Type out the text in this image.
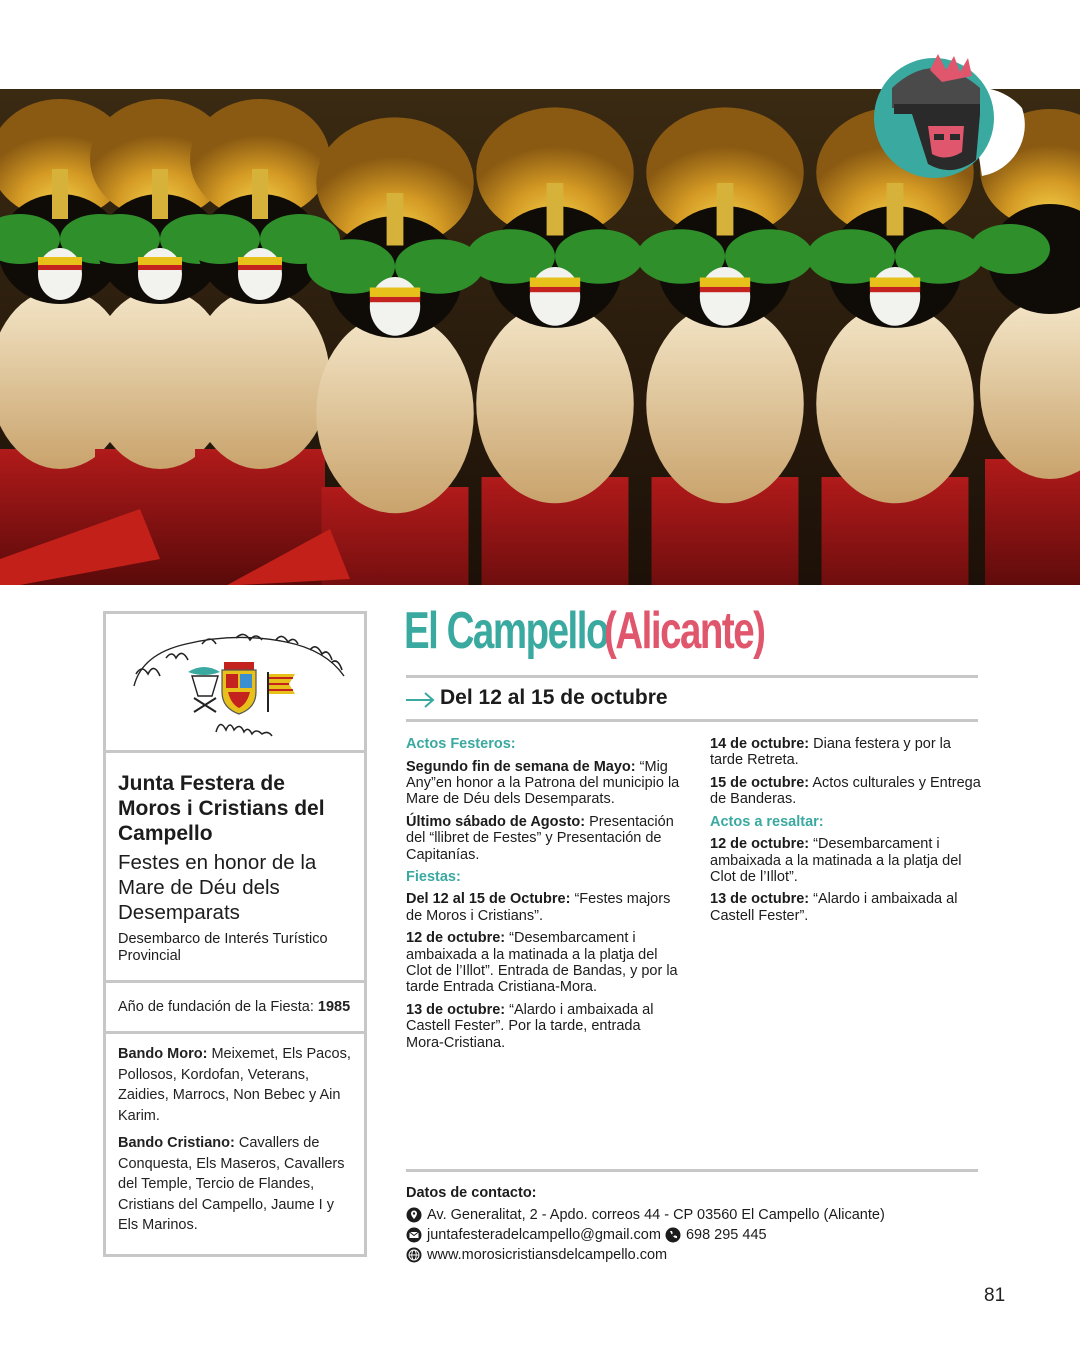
Junta Festera de Moros i Cristians del Campello
Festes en honor de la Mare de Déu dels Desemparats
Desembarco de Interés Turístico Provincial
Año de fundación de la Fiesta: 1985

Bando Moro: Meixemet, Els Pacos, Pollosos, Kordofan, Veterans, Zaidies, Marrocs, Non Bebec y Ain Karim.

Bando Cristiano: Cavallers de Conquesta, Els Maseros, Cavallers del Temple, Tercio de Flandes, Cristians del Campello, Jaume I y Els Marinos.

El Campello
(Alicante)
Del 12 al 15 de octubre
Actos Festeros:

Segundo fin de semana de Mayo: “Mig Any”en honor a la Patrona del municipio la Mare de Déu dels Desemparats.

Último sábado de Agosto: Presentación del “llibret de Festes” y Presentación de Capitanías.

Fiestas:

Del 12 al 15 de Octubre: “Festes majors de Moros i Cristians”.

12 de octubre: “Desembarcament i ambaixada a la matinada a la platja del Clot de l’Illot”. Entrada de Bandas, y por la tarde Entrada Cristiana-Mora.

13 de octubre: “Alardo i ambaixada al Castell Fester”. Por la tarde, entrada Mora-Cristiana.

14 de octubre: Diana festera y por la tarde Retreta.

15 de octubre: Actos culturales y Entrega de Banderas.

Actos a resaltar:

12 de octubre: “Desembarcament i ambaixada a la matinada a la platja del Clot de l’Illot”.

13 de octubre: “Alardo i ambaixada al Castell Fester”.

Datos de contacto:
Av. Generalitat, 2 - Apdo. correos 44 - CP 03560 El Campello (Alicante)
juntafesteradelcampello@gmail.com 698 295 445
www.morosicristiansdelcampello.com
81
